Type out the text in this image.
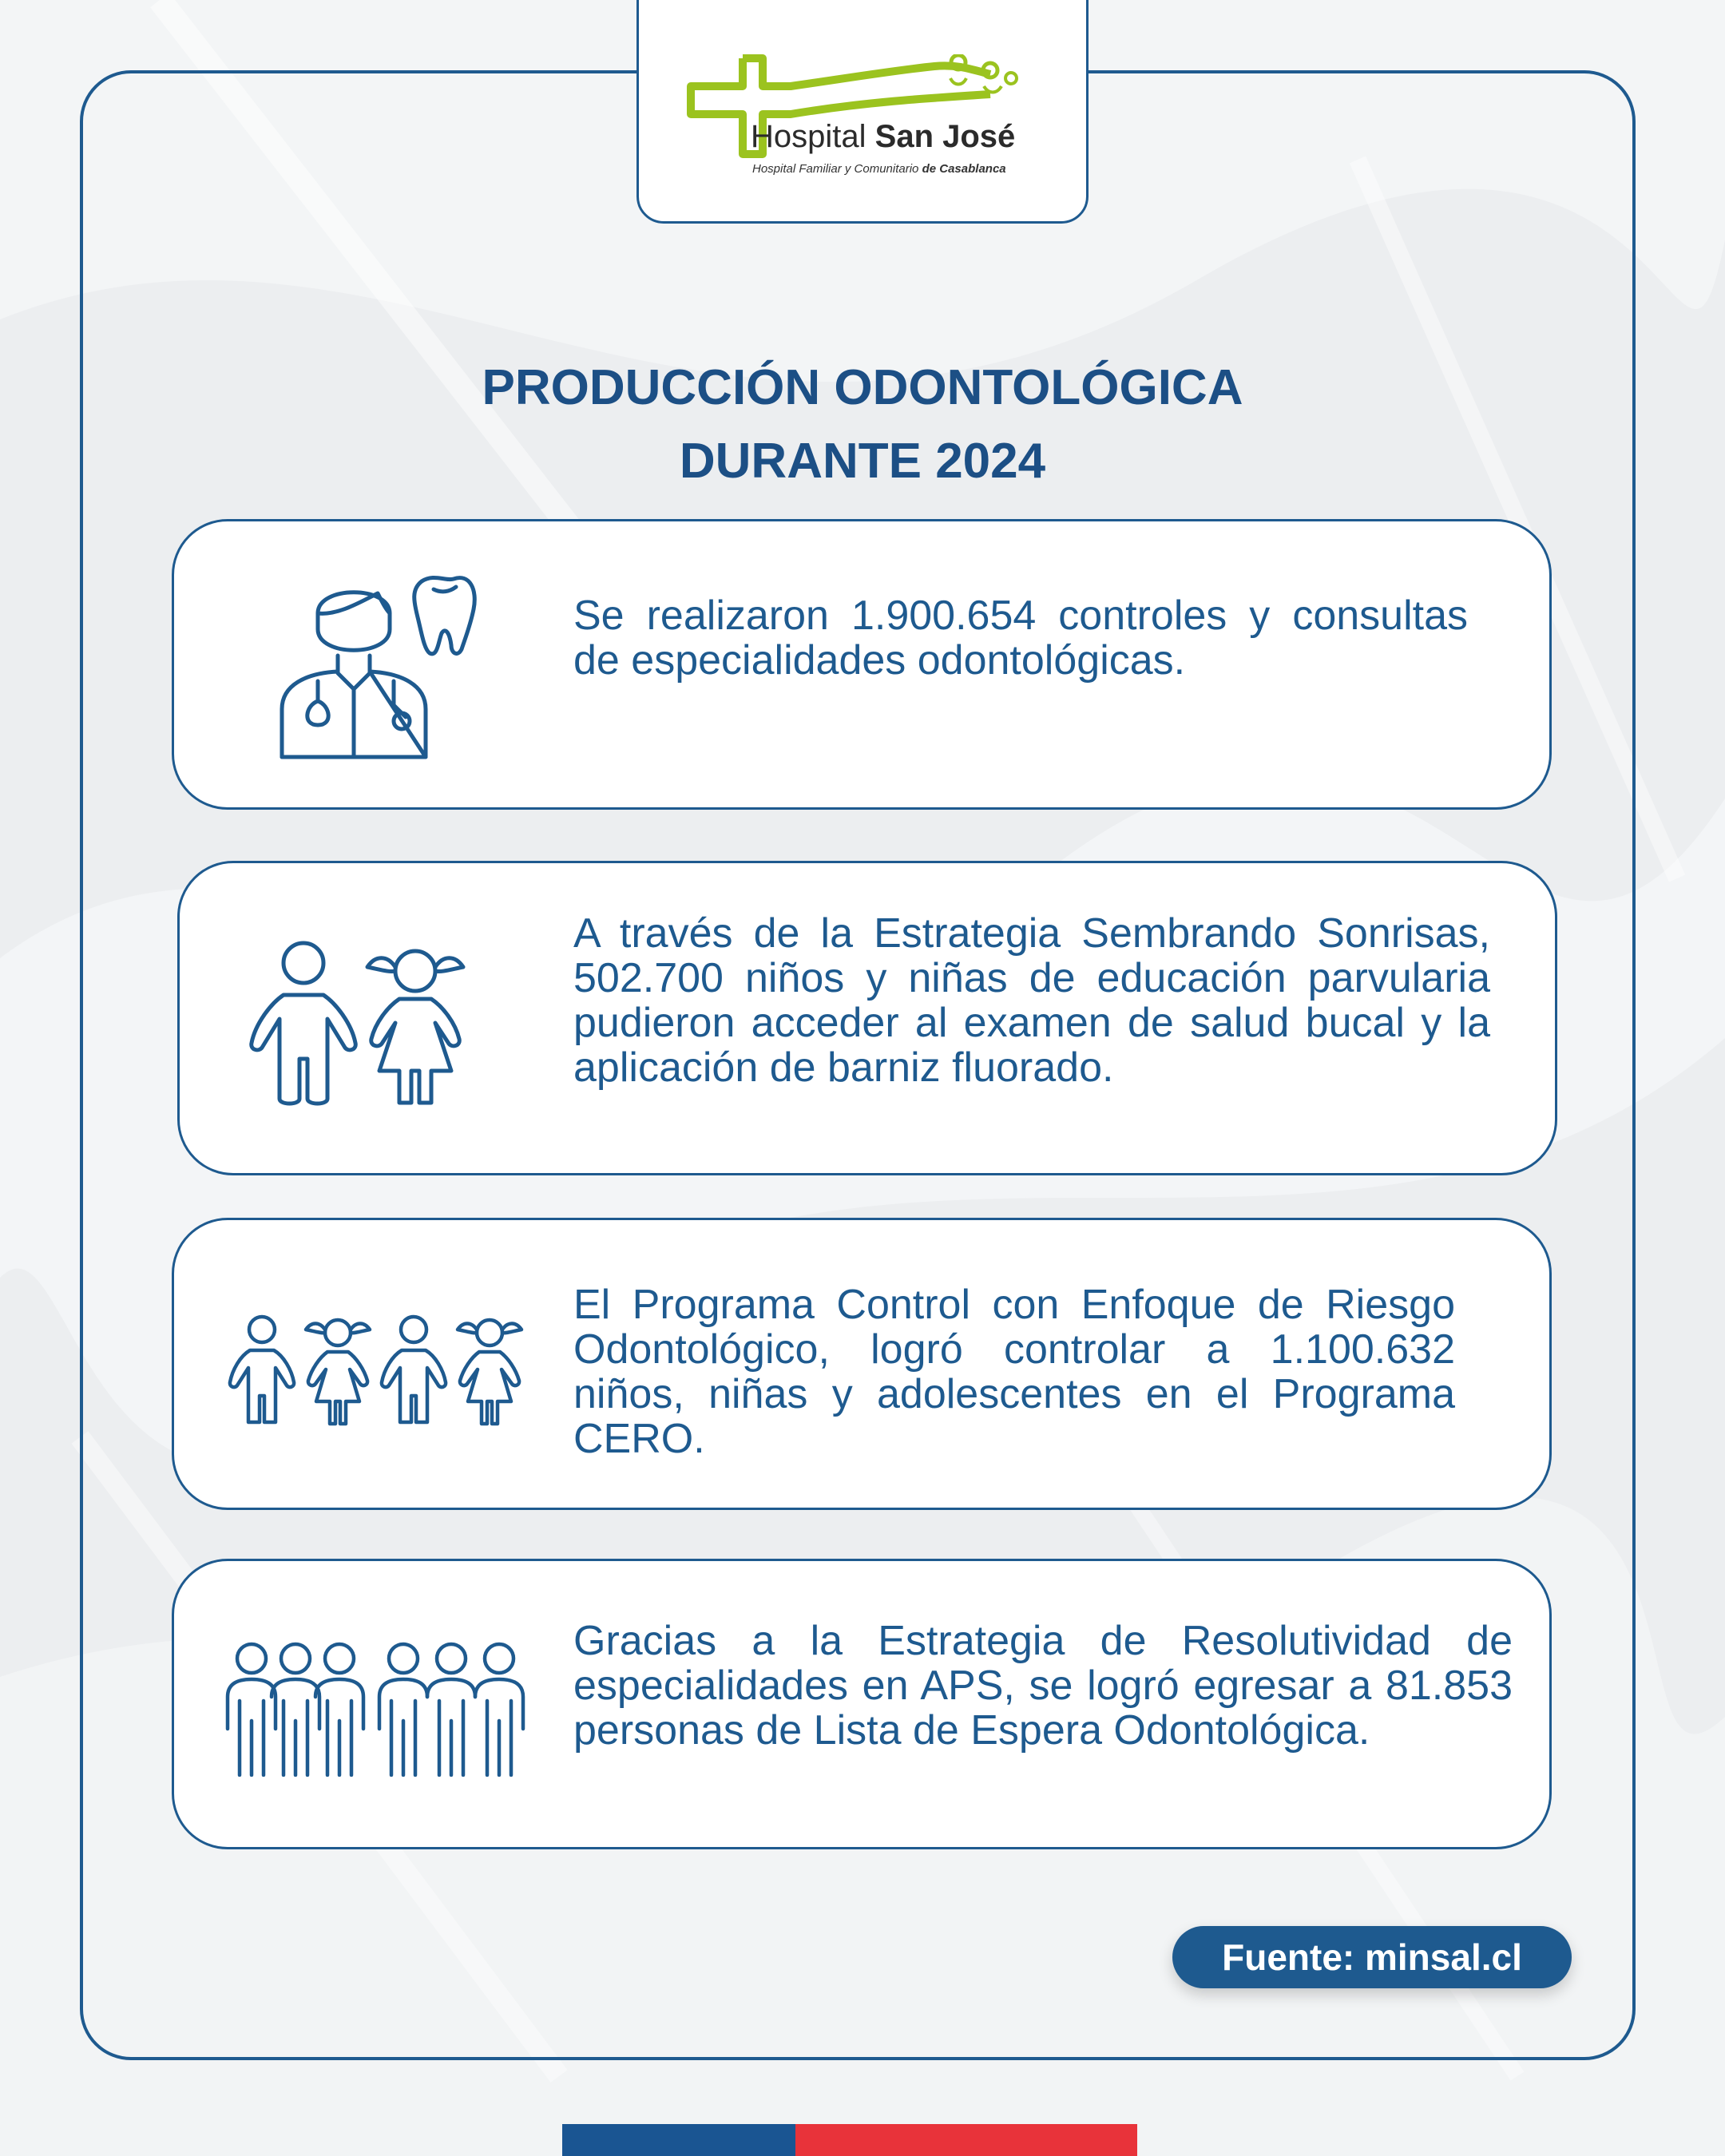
Hospital San José
Hospital Familiar y Comunitario de Casablanca
PRODUCCIÓN ODONTOLÓGICA
DURANTE 2024
Se realizaron 1.900.654 controles y consultas de especialidades odontológicas.
A través de la Estrategia Sembrando Sonrisas, 502.700 niños y niñas de educación parvularia pudieron acceder al examen de salud bucal y la aplicación de barniz fluorado.
El Programa Control con Enfoque de Riesgo Odontológico, logró controlar a 1.100.632 niños, niñas y adolescentes en el Programa CERO.
Gracias a la Estrategia de Resolutividad de especialidades en APS, se logró egresar a 81.853 personas de Lista de Espera Odontológica.
Fuente: minsal.cl
